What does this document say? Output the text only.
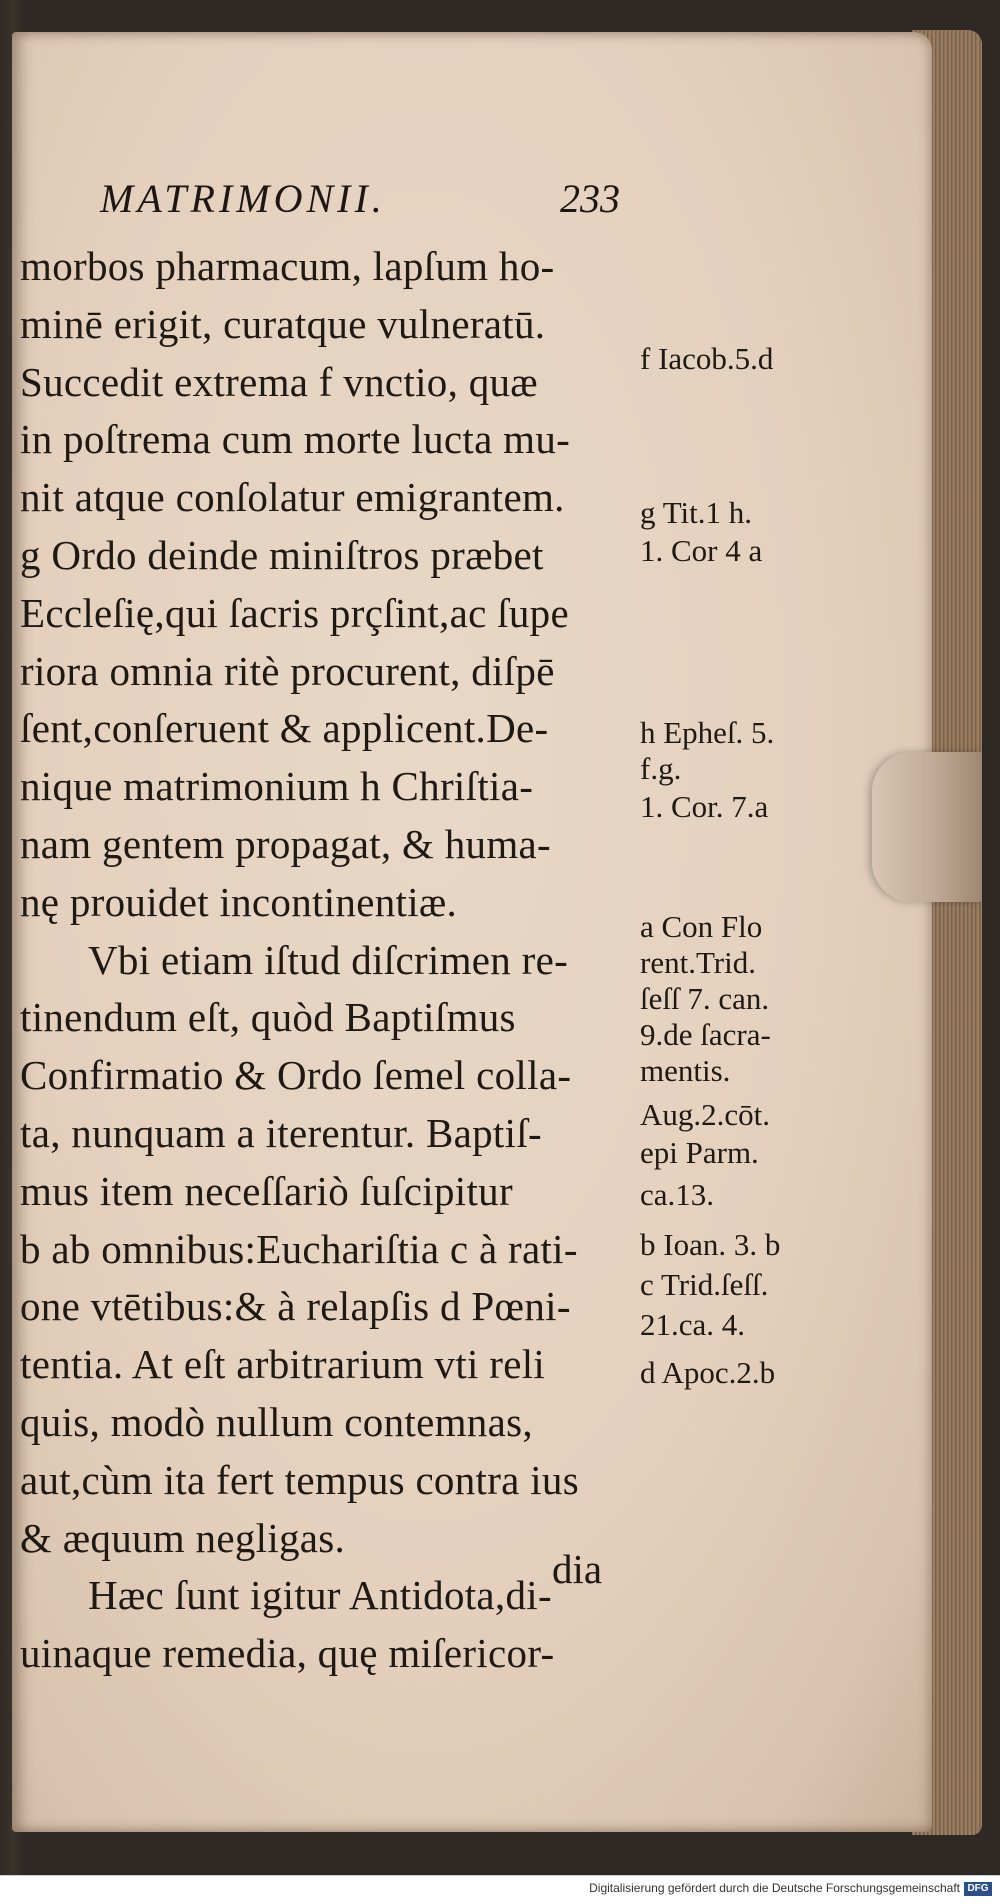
MATRIMONII.	233
morbos pharmacum, lapſum ho-
minē erigit, curatque vulneratū.
Succedit extrema f vnctio, quæ
in poſtrema cum morte lucta mu-
nit atque conſolatur emigrantem.
g Ordo deinde miniſtros præbet
Eccleſię,qui ſacris prçſint,ac ſupe
riora omnia ritè procurent, diſpē
ſent,conſeruent & applicent.De-
nique matrimonium h Chriſtia-
nam gentem propagat, & huma-
nę prouidet incontinentiæ.
Vbi etiam iſtud diſcrimen re-
tinendum eſt, quòd Baptiſmus
Confirmatio & Ordo ſemel colla-
ta, nunquam a iterentur. Baptiſ-
mus item neceſſariò ſuſcipitur
b ab omnibus:Euchariſtia c à rati-
one vtētibus:& à relapſis d Pœni-
tentia. At eſt arbitrarium vti reli
quis, modò nullum contemnas,
aut,cùm ita fert tempus contra ius
& æquum negligas.
Hæc ſunt igitur Antidota,di-
uinaque remedia, quę miſericor-
dia
f Iacob.5.d
g Tit.1 h.
1. Cor 4 a
h Epheſ. 5.
f.g.
1. Cor. 7.a
a Con Flo
rent.Trid.
ſeſſ 7. can.
9.de ſacra-
mentis.
Aug.2.cōt.
epi Parm.
ca.13.
b Ioan. 3. b
c Trid.ſeſſ.
21.ca. 4.
d Apoc.2.b
Digitalisierung gefördert durch die Deutsche Forschungsgemeinschaft DFG
